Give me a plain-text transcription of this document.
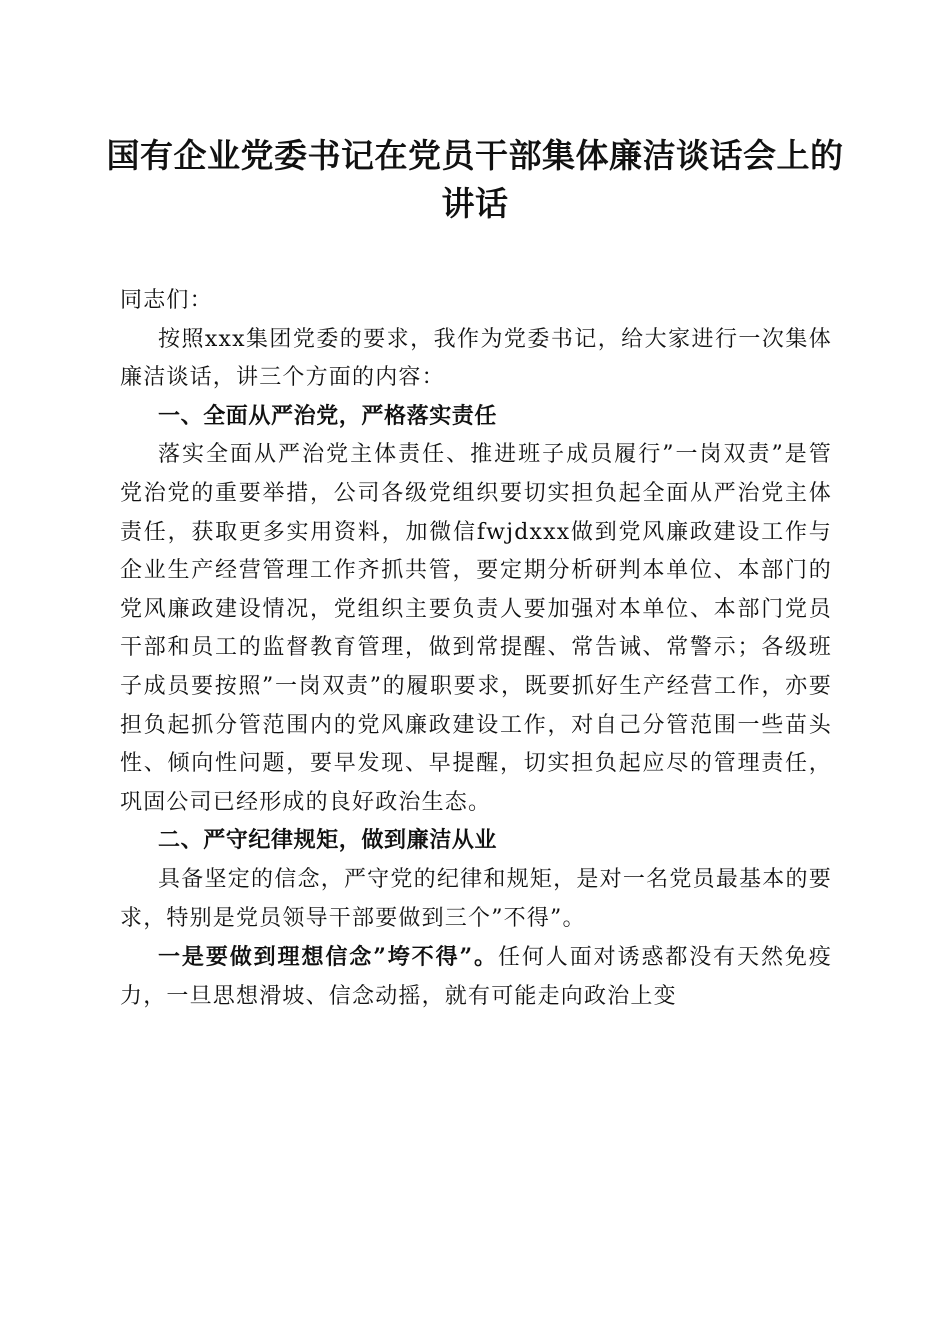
国有企业党委书记在党员干部集体廉洁谈话会上的讲话

同志们：

按照xxx集团党委的要求，我作为党委书记，给大家进行一次集体廉洁谈话，讲三个方面的内容：

一、全面从严治党，严格落实责任

落实全面从严治党主体责任、推进班子成员履行”一岗双责”是管党治党的重要举措，公司各级党组织要切实担负起全面从严治党主体责任，获取更多实用资料，加微信fwjdxxx做到党风廉政建设工作与企业生产经营管理工作齐抓共管，要定期分析研判本单位、本部门的党风廉政建设情况，党组织主要负责人要加强对本单位、本部门党员干部和员工的监督教育管理，做到常提醒、常告诫、常警示；各级班子成员要按照”一岗双责”的履职要求，既要抓好生产经营工作，亦要担负起抓分管范围内的党风廉政建设工作，对自己分管范围一些苗头性、倾向性问题，要早发现、早提醒，切实担负起应尽的管理责任，巩固公司已经形成的良好政治生态。

二、严守纪律规矩，做到廉洁从业

具备坚定的信念，严守党的纪律和规矩，是对一名党员最基本的要求，特别是党员领导干部要做到三个”不得”。

一是要做到理想信念”垮不得”。任何人面对诱惑都没有天然免疫力，一旦思想滑坡、信念动摇，就有可能走向政治上变
